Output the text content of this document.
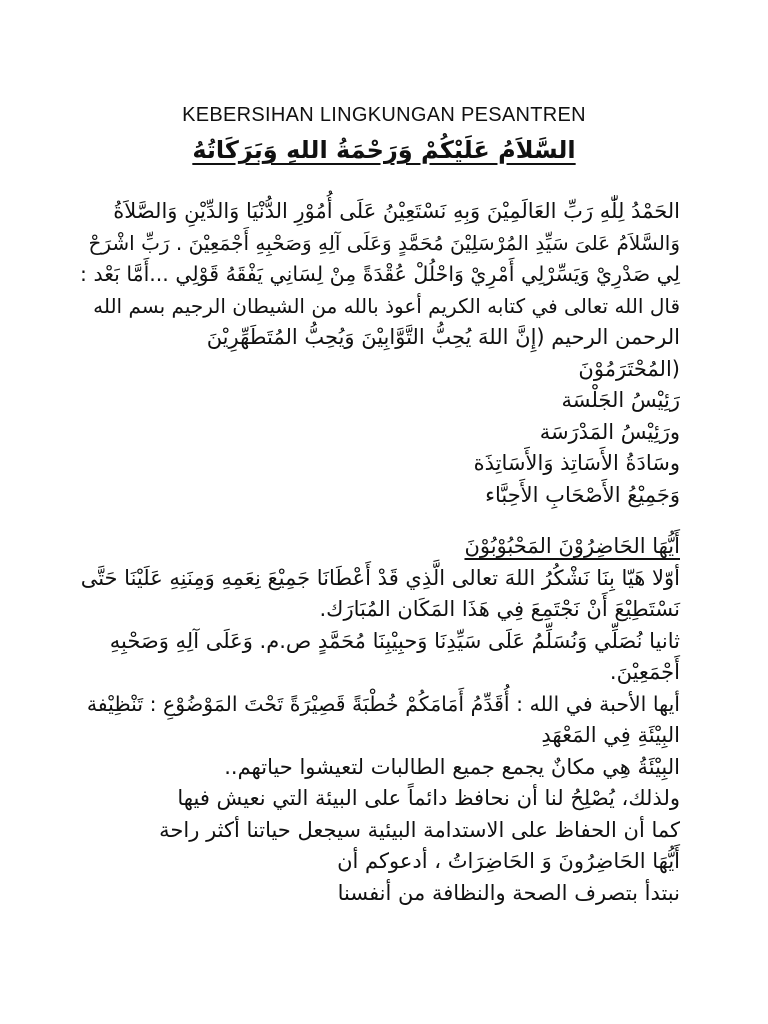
KEBERSIHAN LINGKUNGAN PESANTREN
السَّلاَمُ عَلَيْكُمْ وَرَحْمَةُ اللهِ وَبَرَكَاتُهُ

الحَمْدُ لِلّٰهِ رَبِّ العَالَمِيْنَ وَبِهِ نَسْتَعِيْنُ عَلَى أُمُوْرِ الدُّنْيَا وَالدِّيْنِ وَالصَّلاَةُ
وَالسَّلاَمُ عَلىَ سَيِّدِ المُرْسَلِيْنَ مُحَمَّدٍ وَعَلَى آلِهِ وَصَحْبِهِ أَجْمَعِيْنَ . رَبِّ اشْرَحْ
لِي صَدْرِيْ وَيَسِّرْلِي أَمْرِيْ وَاحْلُلْ عُقْدَةً مِنْ لِسَانِي يَفْقَهُ قَوْلِي ...أَمَّا بَعْد :
قال الله تعالى في كتابه الكريم أعوذ بالله من الشيطان الرجيم بسم الله
الرحمن الرحيم (إِنَّ اللهَ يُحِبُّ التَّوَّابِيْنَ وَيُحِبُّ المُتَطَهِّرِيْنَ

(المُحْتَرَمُوْنَ
رَئِيْسُ الجَلْسَة
ورَئِيْسُ المَدْرَسَة
وسَادَةُ الأَسَاتِذ وَالأَسَاتِذَة
وَجَمِيْعُ الأَصْحَابِ الأَحِبَّاء

أَيُّهَا الحَاضِرُوْنَ المَحْبُوْبُوْنَ
أوّلا هَيّا بِنَا نَشْكُرُ اللهَ تعالى الَّذِي قَدْ أَعْطَانَا جَمِيْعَ نِعَمِهِ وَمِنَنِهِ عَلَيْنَا حَتَّى
نَسْتَطِيْعَ أَنْ نَجْتَمِعَ فِي هَذَا المَكَان المُبَارَك.
ثانيا نُصَلِّي وَنُسَلِّمُ عَلَى سَيِّدِنَا وَحبِيْبِنَا مُحَمَّدٍ ص.م. وَعَلَى آلِهِ وَصَحْبِهِ
أَجْمَعِيْنَ.
أيها الأحبة في الله : أُقَدِّمُ أَمَامَكُمْ خُطْبَةً قَصِيْرَةً تَحْتَ المَوْضُوْعِ : تَنْظِيْفة
البِيْئَةِ فِي المَعْهَدِ
البِيْئَةُ هِي مكانٌ يجمع جميع الطالبات لتعيشوا حياتهم..
ولذلك، يُصْلِحُ لنا أن نحافظ دائماً على البيئة التي نعيش فيها
كما أن الحفاظ على الاستدامة البيئية سيجعل حياتنا أكثر راحة
أَيُّهَا الحَاضِرُونَ وَ الحَاضِرَاتُ ، أدعوكم أن
نبتدأ بتصرف الصحة والنظافة من أنفسنا
